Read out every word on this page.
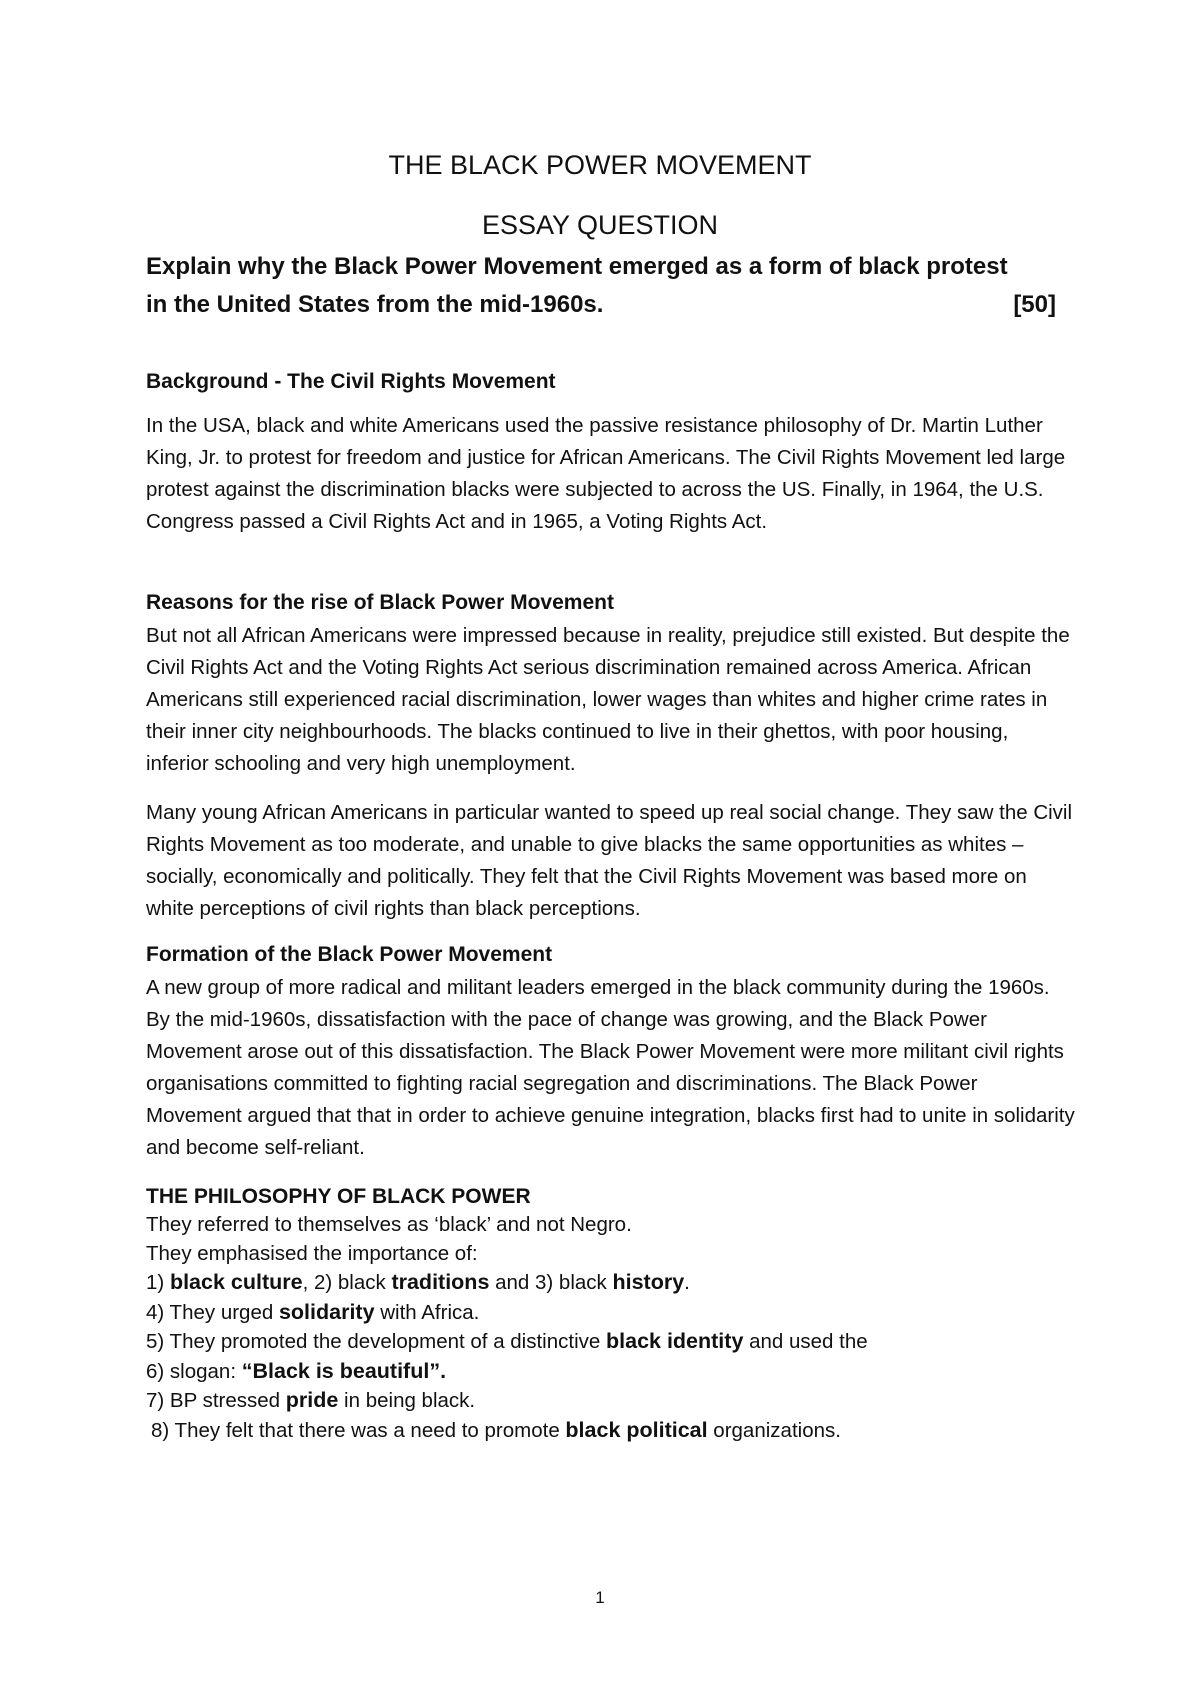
THE BLACK POWER MOVEMENT
ESSAY QUESTION
Explain why the Black Power Movement emerged as a form of black protest
in the United States from the mid-1960s.	[50]
Background - The Civil Rights Movement
In the USA, black and white Americans used the passive resistance philosophy of Dr. Martin Luther King, Jr. to protest for freedom and justice for African Americans. The Civil Rights Movement led large protest against the discrimination blacks were subjected to across the US. Finally, in 1964, the U.S. Congress passed a Civil Rights Act and in 1965, a Voting Rights Act.
Reasons for the rise of Black Power Movement
But not all African Americans were impressed because in reality, prejudice still existed. But despite the Civil Rights Act and the Voting Rights Act serious discrimination remained across America. African Americans still experienced racial discrimination, lower wages than whites and higher crime rates in their inner city neighbourhoods. The blacks continued to live in their ghettos, with poor housing, inferior schooling and very high unemployment.
Many young African Americans in particular wanted to speed up real social change. They saw the Civil Rights Movement as too moderate, and unable to give blacks the same opportunities as whites – socially, economically and politically. They felt that the Civil Rights Movement was based more on white perceptions of civil rights than black perceptions.
Formation of the Black Power Movement
A new group of more radical and militant leaders emerged in the black community during the 1960s. By the mid-1960s, dissatisfaction with the pace of change was growing, and the Black Power Movement arose out of this dissatisfaction. The Black Power Movement were more militant civil rights organisations committed to fighting racial segregation and discriminations. The Black Power Movement argued that that in order to achieve genuine integration, blacks first had to unite in solidarity and become self-reliant.
THE PHILOSOPHY OF BLACK POWER
They referred to themselves as ‘black’ and not Negro.
They emphasised the importance of:
1) black culture, 2) black traditions and 3) black history.
4) They urged solidarity with Africa.
5) They promoted the development of a distinctive black identity and used the
6) slogan: “Black is beautiful”.
7) BP stressed pride in being black.
8) They felt that there was a need to promote black political organizations.
1
